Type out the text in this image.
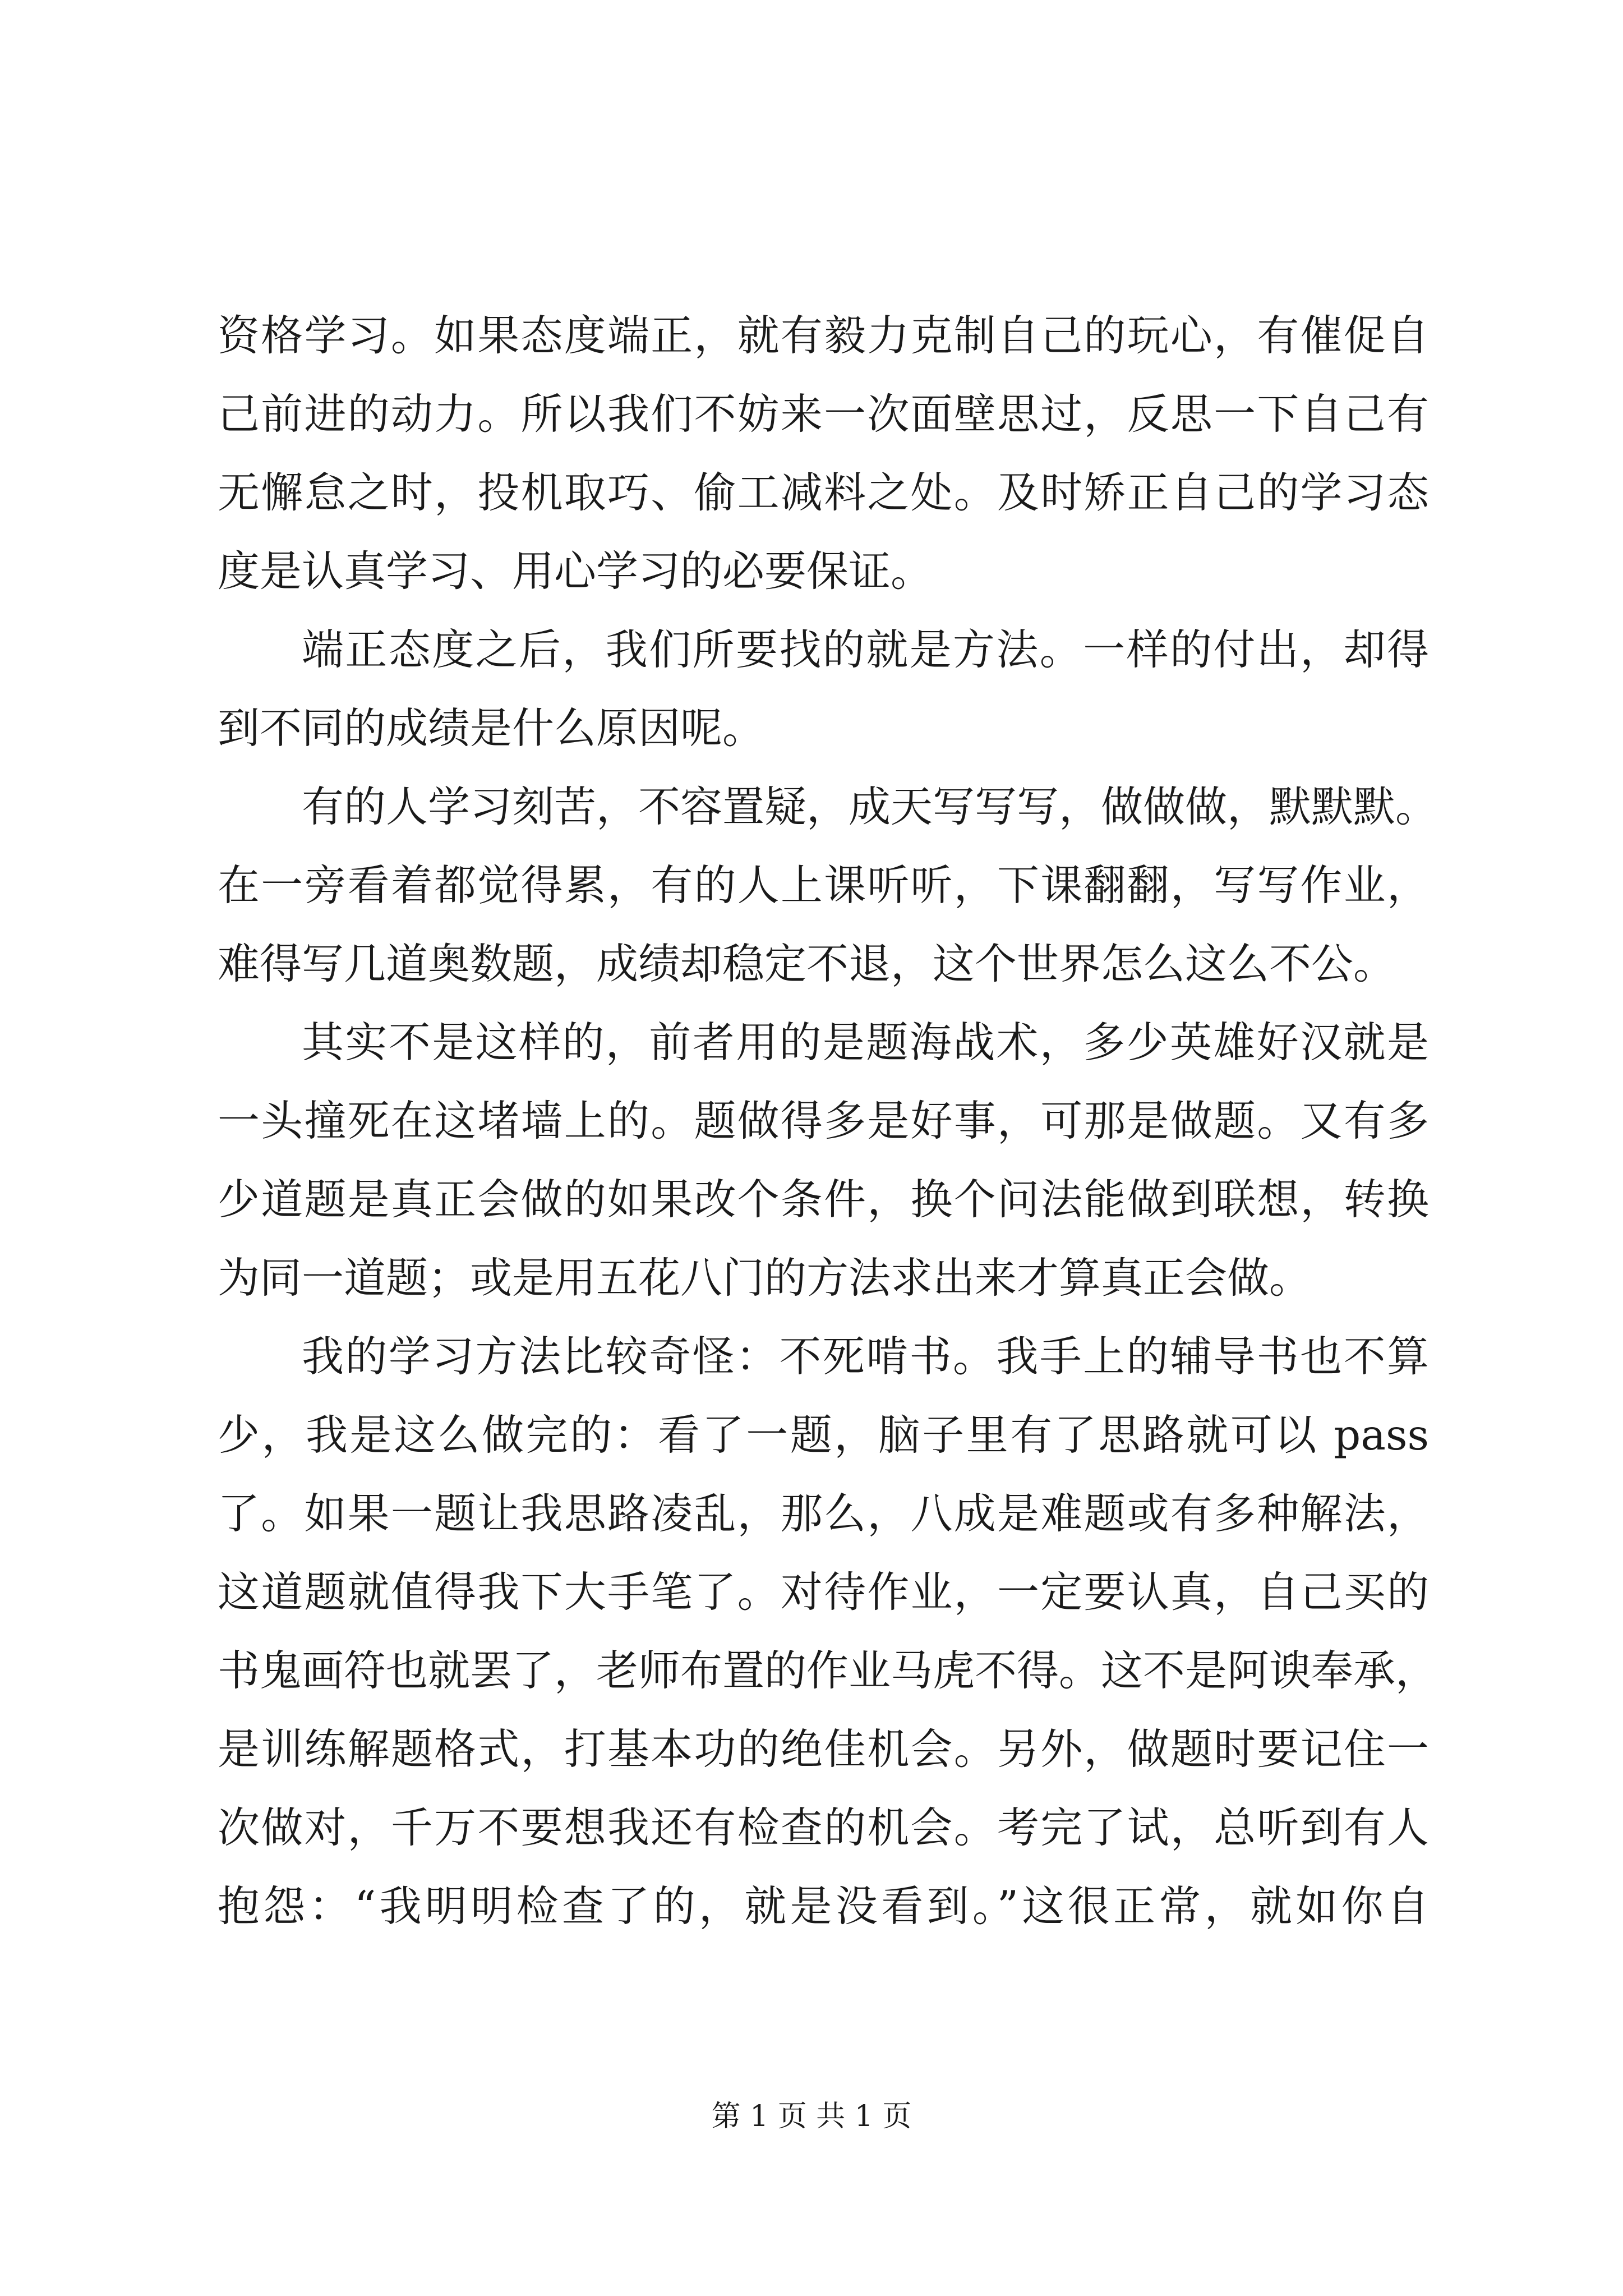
资格学习。如果态度端正，就有毅力克制自己的玩心，有催促自
己前进的动力。所以我们不妨来一次面壁思过，反思一下自己有
无懈怠之时，投机取巧、偷工减料之处。及时矫正自己的学习态
度是认真学习、用心学习的必要保证。
端正态度之后，我们所要找的就是方法。一样的付出，却得
到不同的成绩是什么原因呢。
有的人学习刻苦，不容置疑，成天写写写，做做做，默默默。
在一旁看着都觉得累，有的人上课听听，下课翻翻，写写作业，
难得写几道奥数题，成绩却稳定不退，这个世界怎么这么不公。
其实不是这样的，前者用的是题海战术，多少英雄好汉就是
一头撞死在这堵墙上的。题做得多是好事，可那是做题。又有多
少道题是真正会做的如果改个条件，换个问法能做到联想，转换
为同一道题；或是用五花八门的方法求出来才算真正会做。
我的学习方法比较奇怪：不死啃书。我手上的辅导书也不算
少，我是这么做完的：看了一题，脑子里有了思路就可以 pass
了。如果一题让我思路凌乱，那么，八成是难题或有多种解法，
这道题就值得我下大手笔了。对待作业，一定要认真，自己买的
书鬼画符也就罢了，老师布置的作业马虎不得。这不是阿谀奉承，
是训练解题格式，打基本功的绝佳机会。另外，做题时要记住一
次做对，千万不要想我还有检查的机会。考完了试，总听到有人
抱怨：“我明明检查了的，就是没看到。”这很正常，就如你自
第 1 页 共 1 页
